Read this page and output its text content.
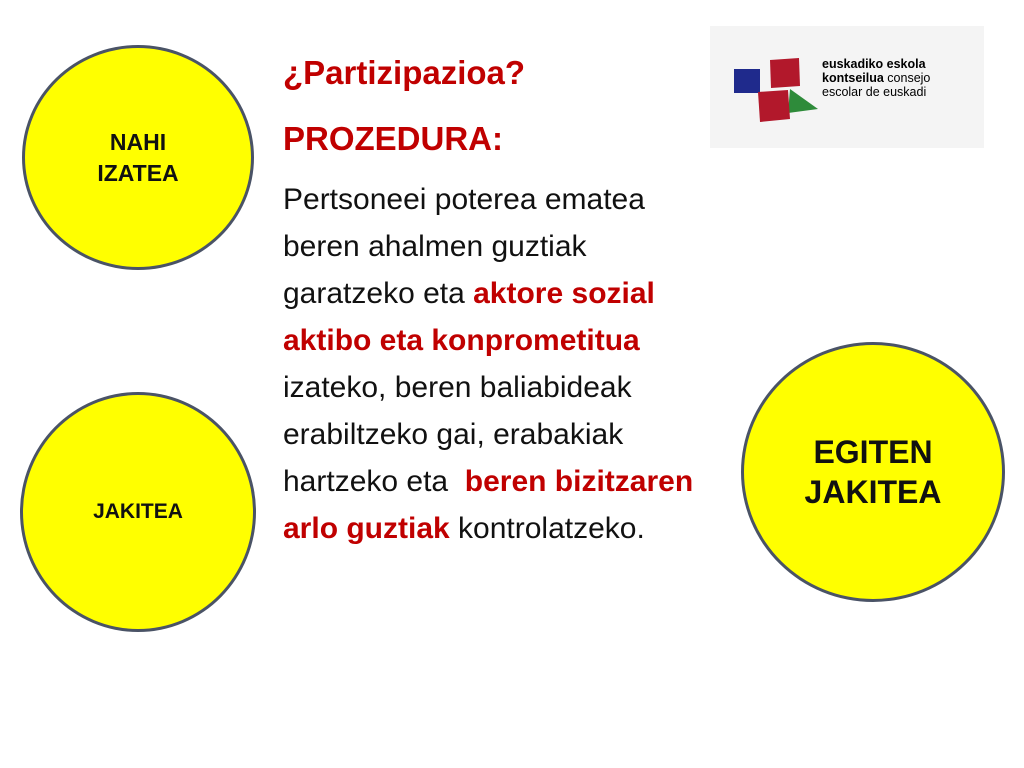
NAHI
IZATEA
JAKITEA
EGITEN
JAKITEA
¿Partizipazioa?
PROZEDURA:
Pertsoneei poterea ematea beren ahalmen guztiak garatzeko eta aktore sozial aktibo eta konprometitua izateko, beren baliabideak erabiltzeko gai, erabakiak hartzeko eta  beren bizitzaren arlo guztiak kontrolatzeko.
euskadiko eskola
kontseilua consejo
escolar de euskadi
